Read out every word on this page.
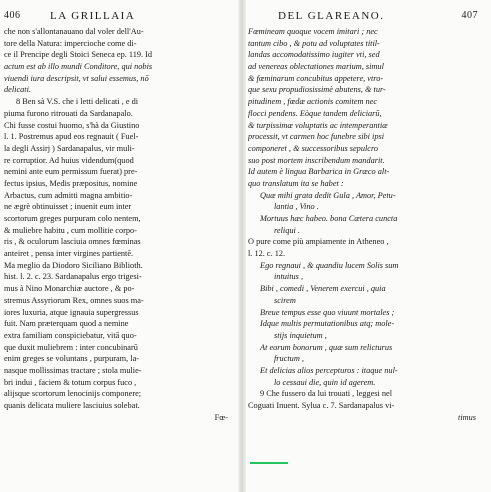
406	LA GRILLAIA
che non s'allontanauano dal voler dell'Au-
tore della Natura: impercioche come di-
ce il Prencipe degli Stoici Seneca ep. 119. Id
actum est ab illo mundi Conditore, qui nobis
viuendi iura descripsit, vt salui essemus, nō
delicati.
8 Ben sà V.S. che i letti delicati , e di
piuma furono ritrouati da Sardanapalo.
Chi fusse costui huomo, s'hà da Giustino
l. 1. Postremus apud eos regnauit ( Fuel-
la degli Assirj ) Sardanapalus, vir muli-
re corruptior. Ad huius videndum(quod
nemini ante eum permissum fuerat) pre-
fectus ipsius, Medis præpositus, nomine
Arbactus, cum admitti magna ambitio-
ne ægrè obtinuisset ; inuenit eum inter
scortorum greges purpuram colo nentem,
& muliebre habitu , cum mollitie corpo-
ris , & oculorum lasciuia omnes fœminas
anteiret , pensa inter virgines partientē.
Ma meglio da Diodoro Siciliano Biblioth.
hist. l. 2. c. 23. Sardanapalus ergo trigesi-
mus à Nino Monarchiæ auctore , & po-
stremus Assyriorum Rex, omnes suos ma-
iores luxuria, atque ignauia supergressus
fuit. Nam præterquam quod a nemine
extra familiam conspiciebatur, vitā quo-
que duxit muliebrem : inter concubinarū
enim greges se voluntans , purpuram, la-
nasque mollissimas tractare ; stola mulie-
bri indui , faciem & totum corpus fuco ,
alijsque scortorum lenocinijs componere;
quanis delicata muliere lasciuius solebat.
Fœ-
DEL GLAREANO.	407
Fœmineam quoque vocem imitari ; nec
tantum cibo , & potu ad voluptates titil-
landas accomodatissimo iugiter vti, sed
ad venereas oblectationes marium, simul
& fœminarum concubitus appetere, vtro-
que sexu propudiosissimè abutens, & tur-
pitudinem , fœdæ actionis comitem nec
flocci pendens. Eòque tandem deliciarū,
& turpissimæ voluptatis ac intemperantiæ
processit, vt carmen hoc funebre sibi ipsi
componeret , & successoribus sepulcro
suo post mortem inscribendum mandarit.
Id autem è lingua Barbarica in Græco alt-
quo translatum ita se habet :
Quæ mihi grata dedit Gula , Amor, Petu-
lantia , Vino .
Mortuus hæc habeo. bona Cætera cuncta
reliqui .
O pure come più ampiamente in Atheneo ,
l. 12. c. 12.
Ego regnaui , & quandiu lucem Solis sum
intuitus ,
Bibi , comedi , Venerem exercui , quia
scirem
Breue tempus esse quo viuunt mortales ;
Idque multis permutationibus atq; mole-
stijs inquietum ,
At eorum bonorum , quæ sum relicturus
fructum ,
Et delicias alios percepturos : itaque nul-
lo cessaui die, quin id agerem.
9 Che fussero da lui trouati , leggesi nel
Coguati Inuent. Sylua c. 7. Sardanapalus vi-
timus
